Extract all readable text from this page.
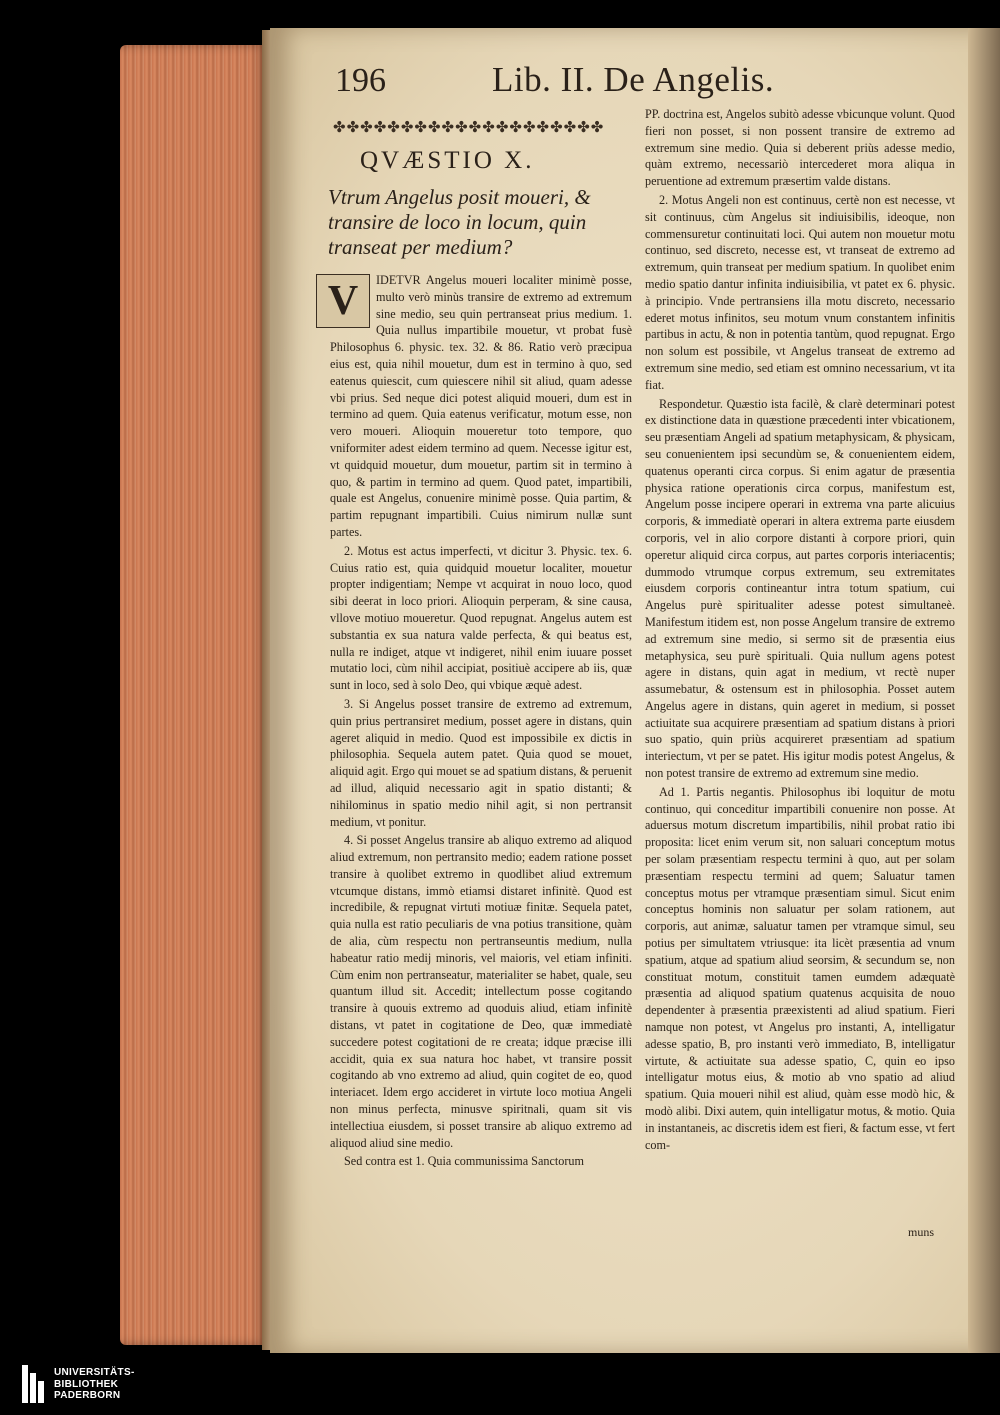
196	Lib. II. De Angelis.
✤✤✤✤✤✤✤✤✤✤✤✤✤✤✤✤✤✤✤✤
QVÆSTIO X.
Vtrum Angelus posit moueri, & transire de loco in locum, quin transeat per medium?
V	IDETVR Angelus moueri localiter minimè posse, multo verò minùs transire de extremo ad extremum sine medio, seu quin pertranseat prius medium. 1. Quia nullus impartibile mouetur, vt probat fusè Philosophus 6. physic. tex. 32. & 86. Ratio verò præcipua eius est, quia nihil mouetur, dum est in termino à quo, sed eatenus quiescit, cum quiescere nihil sit aliud, quam adesse vbi prius. Sed neque dici potest aliquid moueri, dum est in termino ad quem. Quia eatenus verificatur, motum esse, non vero moueri. Alioquin moueretur toto tempore, quo vniformiter adest eidem termino ad quem. Necesse igitur est, vt quidquid mouetur, dum mouetur, partim sit in termino à quo, & partim in termino ad quem. Quod patet, impartibili, quale est Angelus, conuenire minimè posse. Quia partim, & partim repugnant impartibili. Cuius nimirum nullæ sunt partes.

2. Motus est actus imperfecti, vt dicitur 3. Physic. tex. 6. Cuius ratio est, quia quidquid mouetur localiter, mouetur propter indigentiam; Nempe vt acquirat in nouo loco, quod sibi deerat in loco priori. Alioquin perperam, & sine causa, vllove motiuo moueretur. Quod repugnat. Angelus autem est substantia ex sua natura valde perfecta, & qui beatus est, nulla re indiget, atque vt indigeret, nihil enim iuuare posset mutatio loci, cùm nihil accipiat, positiuè accipere ab iis, quæ sunt in loco, sed à solo Deo, qui vbique æquè adest.

3. Si Angelus posset transire de extremo ad extremum, quin prius pertransiret medium, posset agere in distans, quin ageret aliquid in medio. Quod est impossibile ex dictis in philosophia. Sequela autem patet. Quia quod se mouet, aliquid agit. Ergo qui mouet se ad spatium distans, & peruenit ad illud, aliquid necessario agit in spatio distanti; & nihilominus in spatio medio nihil agit, si non pertransit medium, vt ponitur.

4. Si posset Angelus transire ab aliquo extremo ad aliquod aliud extremum, non pertransito medio; eadem ratione posset transire à quolibet extremo in quodlibet aliud extremum vtcumque distans, immò etiamsi distaret infinitè. Quod est incredibile, & repugnat virtuti motiuæ finitæ. Sequela patet, quia nulla est ratio peculiaris de vna potius transitione, quàm de alia, cùm respectu non pertranseuntis medium, nulla habeatur ratio medij minoris, vel maioris, vel etiam infiniti. Cùm enim non pertranseatur, materialiter se habet, quale, seu quantum illud sit. Accedit; intellectum posse cogitando transire à quouis extremo ad quoduis aliud, etiam infinitè distans, vt patet in cogitatione de Deo, quæ immediatè succedere potest cogitationi de re creata; idque præcise illi accidit, quia ex sua natura hoc habet, vt transire possit cogitando ab vno extremo ad aliud, quin cogitet de eo, quod interiacet. Idem ergo accideret in virtute loco motiua Angeli non minus perfecta, minusve spiritnali, quam sit vis intellectiua eiusdem, si posset transire ab aliquo extremo ad aliquod aliud sine medio.

Sed contra est 1. Quia communissima Sanctorum

PP. doctrina est, Angelos subitò adesse vbicunque volunt. Quod fieri non posset, si non possent transire de extremo ad extremum sine medio. Quia si deberent priùs adesse medio, quàm extremo, necessariò intercederet mora aliqua in peruentione ad extremum præsertim valde distans.

2. Motus Angeli non est continuus, certè non est necesse, vt sit continuus, cùm Angelus sit indiuisibilis, ideoque, non commensuretur continuitati loci. Qui autem non mouetur motu continuo, sed discreto, necesse est, vt transeat de extremo ad extremum, quin transeat per medium spatium. In quolibet enim medio spatio dantur infinita indiuisibilia, vt patet ex 6. physic. à principio. Vnde pertransiens illa motu discreto, necessario ederet motus infinitos, seu motum vnum constantem infinitis partibus in actu, & non in potentia tantùm, quod repugnat. Ergo non solum est possibile, vt Angelus transeat de extremo ad extremum sine medio, sed etiam est omnino necessarium, vt ita fiat.

Respondetur. Quæstio ista facilè, & clarè determinari potest ex distinctione data in quæstione præcedenti inter vbicationem, seu præsentiam Angeli ad spatium metaphysicam, & physicam, seu conuenientem ipsi secundùm se, & conuenientem eidem, quatenus operanti circa corpus. Si enim agatur de præsentia physica ratione operationis circa corpus, manifestum est, Angelum posse incipere operari in extrema vna parte alicuius corporis, & immediatè operari in altera extrema parte eiusdem corporis, vel in alio corpore distanti à corpore priori, quin operetur aliquid circa corpus, aut partes corporis interiacentis; dummodo vtrumque corpus extremum, seu extremitates eiusdem corporis contineantur intra totum spatium, cui Angelus purè spiritualiter adesse potest simultaneè. Manifestum itidem est, non posse Angelum transire de extremo ad extremum sine medio, si sermo sit de præsentia eius metaphysica, seu purè spirituali. Quia nullum agens potest agere in distans, quin agat in medium, vt rectè nuper assumebatur, & ostensum est in philosophia. Posset autem Angelus agere in distans, quin ageret in medium, si posset actiuitate sua acquirere præsentiam ad spatium distans à priori suo spatio, quin priùs acquireret præsentiam ad spatium interiectum, vt per se patet. His igitur modis potest Angelus, & non potest transire de extremo ad extremum sine medio.

Ad 1. Partis negantis. Philosophus ibi loquitur de motu continuo, qui conceditur impartibili conuenire non posse. At aduersus motum discretum impartibilis, nihil probat ratio ibi proposita: licet enim verum sit, non saluari conceptum motus per solam præsentiam respectu termini à quo, aut per solam præsentiam respectu termini ad quem; Saluatur tamen conceptus motus per vtramque præsentiam simul. Sicut enim conceptus hominis non saluatur per solam rationem, aut corporis, aut animæ, saluatur tamen per vtramque simul, seu potius per simultatem vtriusque: ita licèt præsentia ad vnum spatium, atque ad spatium aliud seorsim, & secundum se, non constituat motum, constituit tamen eumdem adæquatè præsentia ad aliquod spatium quatenus acquisita de nouo dependenter à præsentia præexistenti ad aliud spatium. Fieri namque non potest, vt Angelus pro instanti, A, intelligatur adesse spatio, B, pro instanti verò immediato, B, intelligatur virtute, & actiuitate sua adesse spatio, C, quin eo ipso intelligatur motus eius, & motio ab vno spatio ad aliud spatium. Quia moueri nihil est aliud, quàm esse modò hic, & modò alibi. Dixi autem, quin intelligatur motus, & motio. Quia in instantaneis, ac discretis idem est fieri, & factum esse, vt fert com-

muns
UNIVERSITÄTS-
BIBLIOTHEK
PADERBORN
